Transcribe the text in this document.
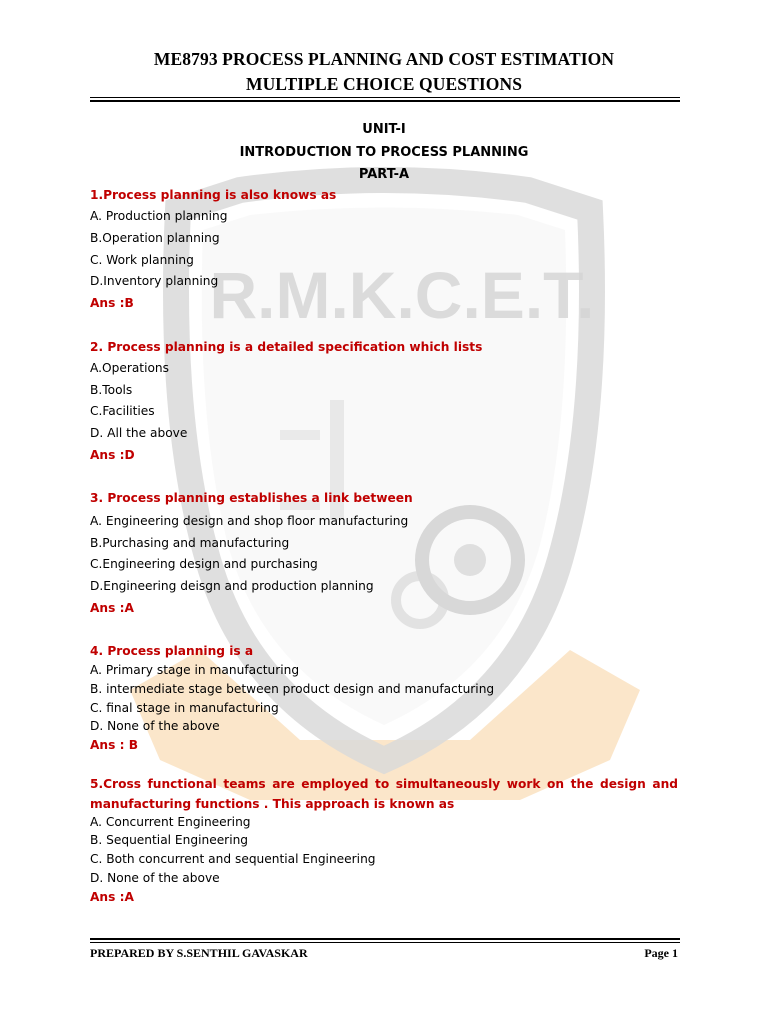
R.M.K.C.E.T.
ME8793 PROCESS PLANNING AND COST ESTIMATION
MULTIPLE CHOICE QUESTIONS
UNIT-I
INTRODUCTION TO PROCESS PLANNING
PART-A
1.Process planning is also knows as
A. Production planning
B.Operation planning
C. Work planning
D.Inventory planning
Ans :B
2. Process planning is a detailed specification which lists
A.Operations
B.Tools
C.Facilities
D. All the above
Ans :D
3. Process planning establishes a link between
A. Engineering design and shop floor manufacturing
B.Purchasing and manufacturing
C.Engineering design and purchasing
D.Engineering deisgn and production planning
Ans :A
4. Process planning is a
A. Primary stage in manufacturing
B. intermediate stage between product design and manufacturing
C. final stage in manufacturing
D. None of the above
Ans : B
5.Cross functional teams are employed to simultaneously work on the design and manufacturing functions . This approach is known as
A. Concurrent Engineering
B. Sequential Engineering
C. Both concurrent and sequential Engineering
D. None of the above
Ans :A
PREPARED BY S.SENTHIL GAVASKAR	Page 1
